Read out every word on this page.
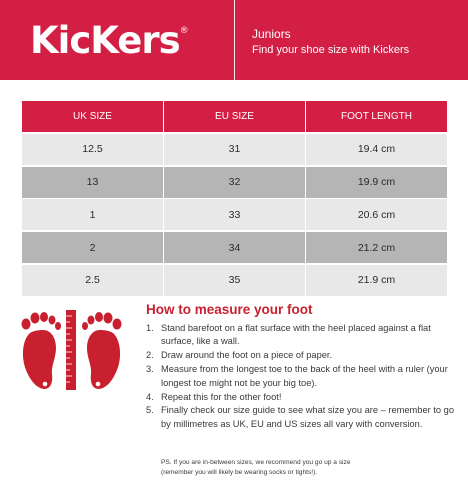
KicKers®	Juniors
Find your shoe size with Kickers
UK SIZE	EU SIZE	FOOT LENGTH
12.5	31	19.4 cm
13	32	19.9 cm
1	33	20.6 cm
2	34	21.2 cm
2.5	35	21.9 cm
How to measure your foot
1. Stand barefoot on a flat surface with the heel placed against a flat surface, like a wall.
2. Draw around the foot on a piece of paper.
3. Measure from the longest toe to the back of the heel with a ruler (your longest toe might not be your big toe).
4. Repeat this for the other foot!
5. Finally check our size guide to see what size you are – remember to go by millimetres as UK, EU and US sizes all vary with conversion.
PS. If you are in-between sizes, we recommend you go up a size
(remember you will likely be wearing socks or tights!).
